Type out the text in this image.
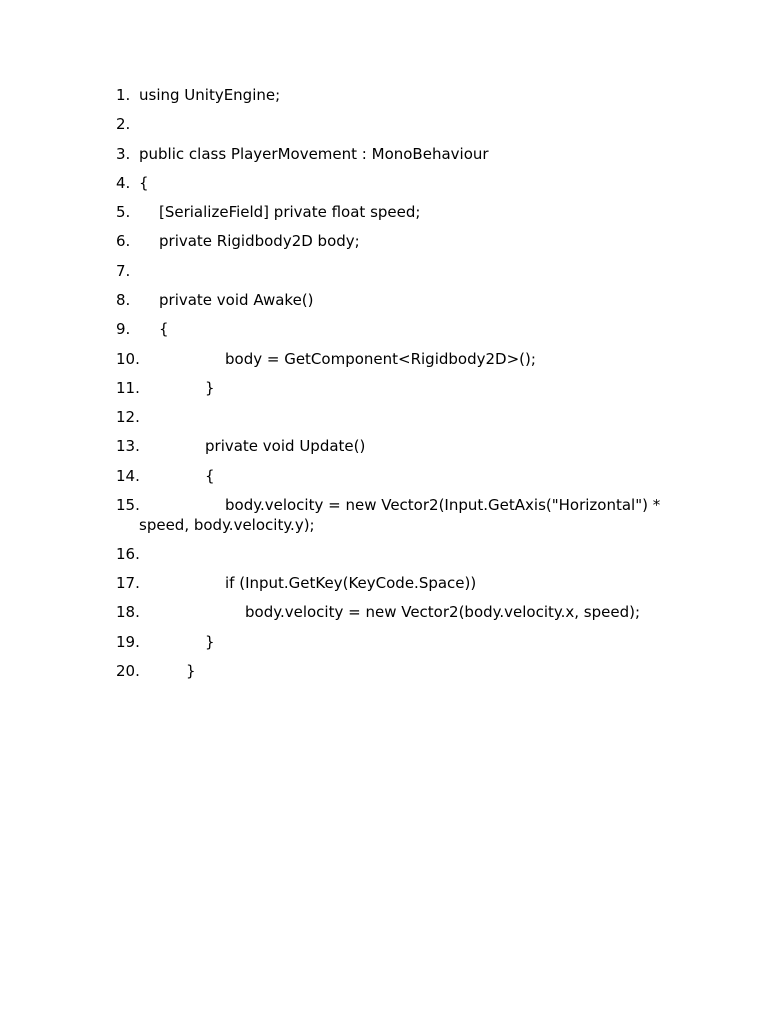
1. using UnityEngine;
2.
3. public class PlayerMovement : MonoBehaviour
4. {
5.	[SerializeField] private float speed;
6.	private Rigidbody2D body;
7.
8.	private void Awake()
9.	{
10.	body = GetComponent<Rigidbody2D>();
11.	}
12.
13.	private void Update()
14.	{
15.	body.velocity = new Vector2(Input.GetAxis("Horizontal") * speed, body.velocity.y);
16.
17.	if (Input.GetKey(KeyCode.Space))
18.	body.velocity = new Vector2(body.velocity.x, speed);
19.	}
20.	}
